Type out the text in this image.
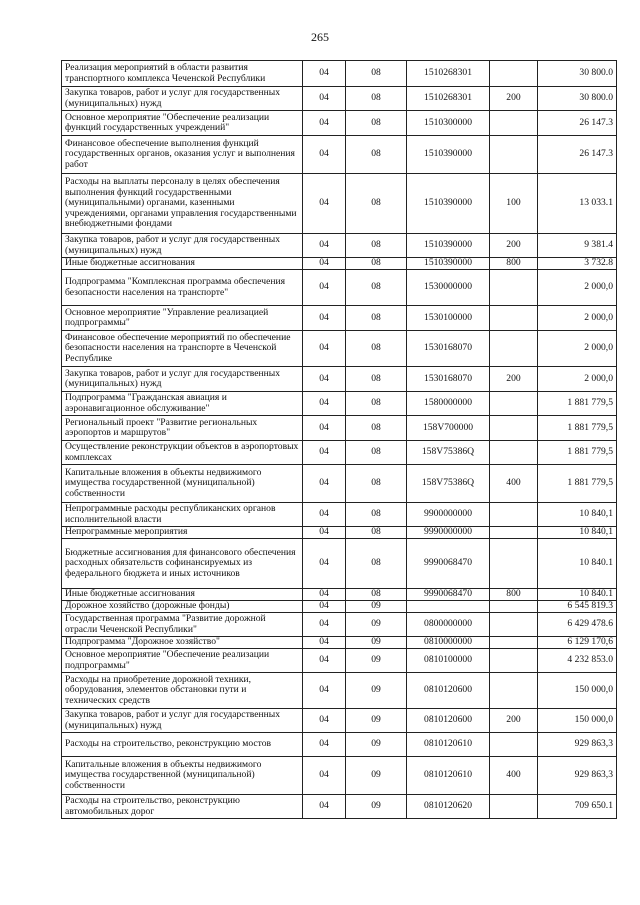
265
Реализация мероприятий в области развития транспортного комплекса Чеченской Республики	04	08	1510268301		30 800.0
Закупка товаров, работ и услуг для государственных (муниципальных) нужд	04	08	1510268301	200	30 800.0
Основное мероприятие "Обеспечение реализации функций государственных учреждений"	04	08	1510300000		26 147.3
Финансовое обеспечение выполнения функций государственных органов, оказания услуг и выполнения работ	04	08	1510390000		26 147.3
Расходы на выплаты персоналу в целях обеспечения выполнения функций государственными (муниципальными) органами, казенными учреждениями, органами управления государственными внебюджетными фондами	04	08	1510390000	100	13 033.1
Закупка товаров, работ и услуг для государственных (муниципальных) нужд	04	08	1510390000	200	9 381.4
Иные бюджетные ассигнования	04	08	1510390000	800	3 732.8
Подпрограмма "Комплексная программа обеспечения безопасности населения на транспорте"	04	08	1530000000		2 000,0
Основное мероприятие "Управление реализацией подпрограммы"	04	08	1530100000		2 000,0
Финансовое обеспечение мероприятий по обеспечение безопасности населения на транспорте в Чеченской Республике	04	08	1530168070		2 000,0
Закупка товаров, работ и услуг для государственных (муниципальных) нужд	04	08	1530168070	200	2 000,0
Подпрограмма "Гражданская авиация и аэронавигационное обслуживание"	04	08	1580000000		1 881 779,5
Региональный проект "Развитие региональных аэропортов и маршрутов"	04	08	158V700000		1 881 779,5
Осуществление реконструкции объектов в аэропортовых комплексах	04	08	158V75386Q		1 881 779,5
Капитальные вложения в объекты недвижимого имущества государственной (муниципальной) собственности	04	08	158V75386Q	400	1 881 779,5
Непрограммные расходы республиканских органов исполнительной власти	04	08	9900000000		10 840,1
Непрограммные мероприятия	04	08	9990000000		10 840,1
Бюджетные ассигнования для финансового обеспечения расходных обязательств софинансируемых из федерального бюджета и иных источников	04	08	9990068470		10 840.1
Иные бюджетные ассигнования	04	08	9990068470	800	10 840.1
Дорожное хозяйство (дорожные фонды)	04	09			6 545 819.3
Государственная программа "Развитие дорожной отрасли Чеченской Республики"	04	09	0800000000		6 429 478.6
Подпрограмма "Дорожное хозяйство"	04	09	0810000000		6 129 170,6
Основное мероприятие "Обеспечение реализации подпрограммы"	04	09	0810100000		4 232 853.0
Расходы на приобретение дорожной техники, оборудования, элементов обстановки пути и технических средств	04	09	0810120600		150 000,0
Закупка товаров, работ и услуг для государственных (муниципальных) нужд	04	09	0810120600	200	150 000,0
Расходы на строительство, реконструкцию мостов	04	09	0810120610		929 863,3
Капитальные вложения в объекты недвижимого имущества государственной (муниципальной) собственности	04	09	0810120610	400	929 863,3
Расходы на строительство, реконструкцию автомобильных дорог	04	09	0810120620		709 650.1
